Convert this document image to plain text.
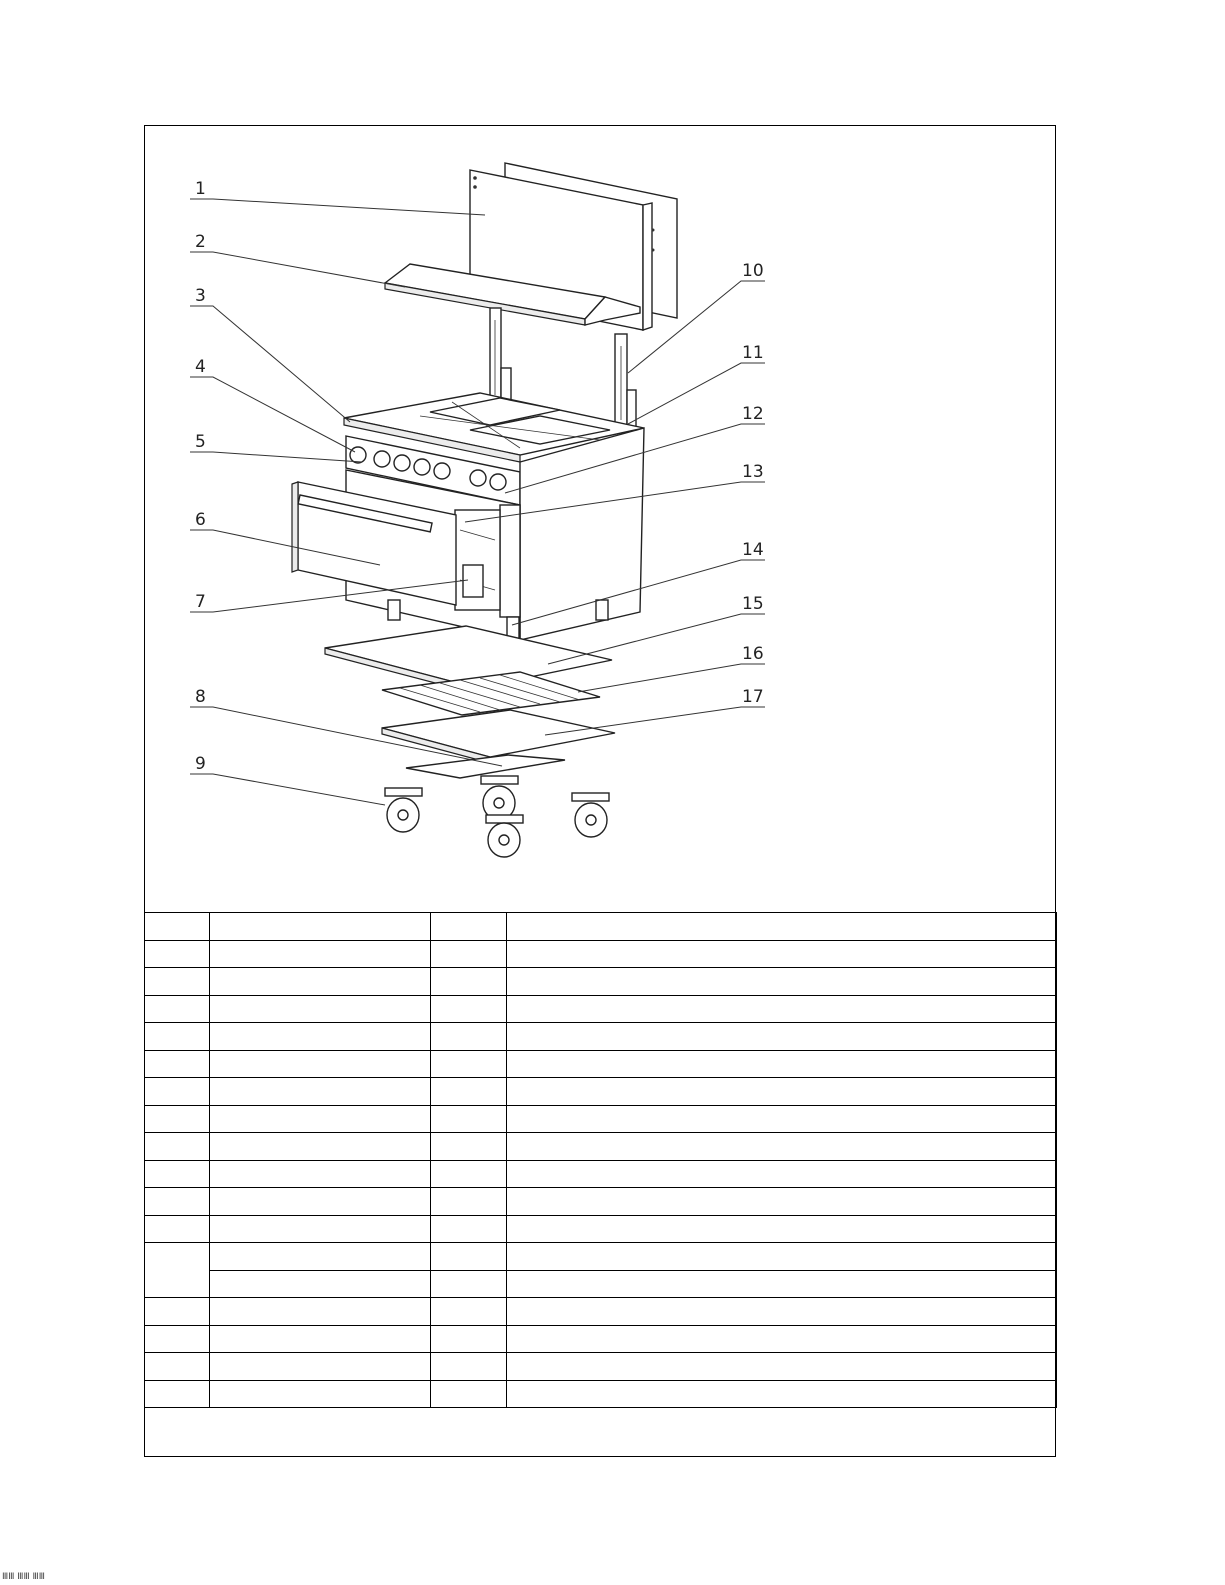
1
2
3
4
5
6
7
8
9
10
11
12
13
14
15
16
17

ⅢⅢ ⅢⅢ ⅢⅢ
